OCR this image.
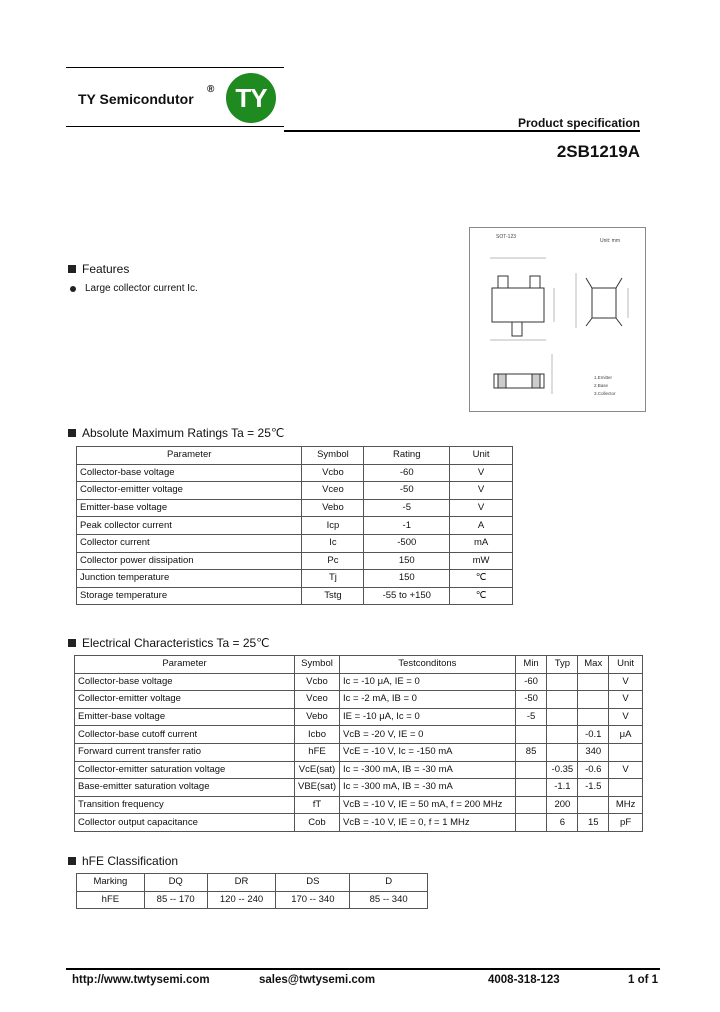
TY Semicondutor
® TY
Product specification
2SB1219A
SOT-123
Unit: mm
1.Emitter
2.Base
3.Collector
Features
Large collector current Ic.
Absolute Maximum Ratings Ta = 25℃
Parameter	Symbol	Rating	Unit
Collector-base voltage	Vcbo	-60	V
Collector-emitter voltage	Vceo	-50	V
Emitter-base voltage	Vebo	-5	V
Peak collector current	Icp	-1	A
Collector current	Ic	-500	mA
Collector power dissipation	Pc	150	mW
Junction temperature	Tj	150	℃
Storage temperature	Tstg	-55 to +150	℃
Electrical Characteristics Ta = 25℃
Parameter	Symbol	Testconditons	Min	Typ	Max	Unit
Collector-base voltage	Vcbo	Ic = -10 μA, IE = 0	-60			V
Collector-emitter voltage	Vceo	Ic = -2 mA, IB = 0	-50			V
Emitter-base voltage	Vebo	IE = -10 μA, Ic = 0	-5			V
Collector-base cutoff current	Icbo	VcB = -20 V, IE = 0			-0.1	μA
Forward current transfer ratio	hFE	VcE = -10 V, Ic = -150 mA	85		340	
Collector-emitter saturation voltage	VcE(sat)	Ic = -300 mA, IB = -30 mA		-0.35	-0.6	V
Base-emitter saturation voltage	VBE(sat)	Ic = -300 mA, IB = -30 mA		-1.1	-1.5	
Transition frequency	fT	VcB = -10 V, IE = 50 mA, f = 200 MHz		200		MHz
Collector output capacitance	Cob	VcB = -10 V, IE = 0, f = 1 MHz		6	15	pF
hFE Classification
Marking	DQ	DR	DS	D
hFE	85 -- 170	120 -- 240	170 -- 340	85 -- 340
http://www.twtysemi.com	sales@twtysemi.com	4008-318-123	1 of 1
